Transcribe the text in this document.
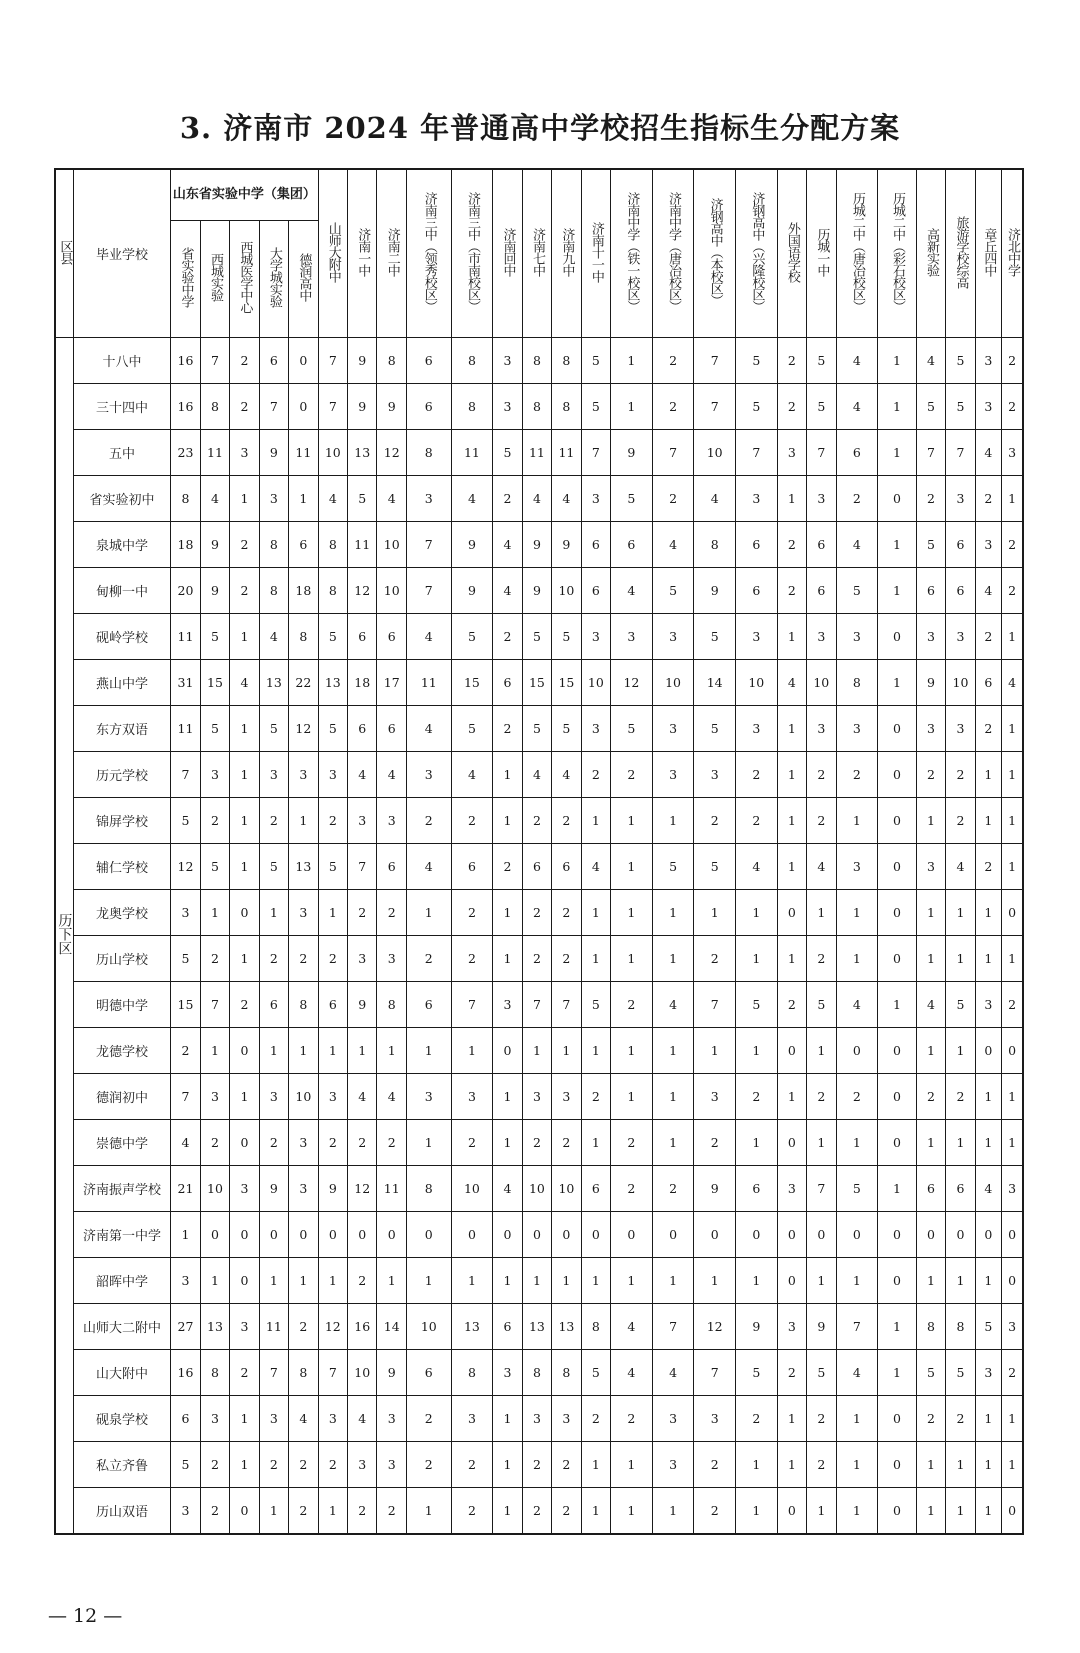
3. 济南市 2024 年普通高中学校招生指标生分配方案
区县	毕业学校	山东省实验中学（集团）					山师大附中	济南一中	济南二中	济南三中（领秀校区）	济南三中（市南校区）	济南回中	济南七中	济南九中	济南十一中	济南中学（铁一校区）	济南中学（唐冶校区）	济钢高中（本校区）	济钢高中（兴隆校区）	外国语学校	历城一中	历城二中（唐冶校区）	历城二中（彩石校区）	高新实验	旅游学校综高	章丘四中	济北中学
		省实验中学	西城实验	西城医学中心	大学城实验	德润高中																					
历下区	十八中	16	7	2	6	0	7	9	8	6	8	3	8	8	5	1	2	7	5	2	5	4	1	4	5	3	2
	三十四中	16	8	2	7	0	7	9	9	6	8	3	8	8	5	1	2	7	5	2	5	4	1	5	5	3	2
	五中	23	11	3	9	11	10	13	12	8	11	5	11	11	7	9	7	10	7	3	7	6	1	7	7	4	3
	省实验初中	8	4	1	3	1	4	5	4	3	4	2	4	4	3	5	2	4	3	1	3	2	0	2	3	2	1
	泉城中学	18	9	2	8	6	8	11	10	7	9	4	9	9	6	6	4	8	6	2	6	4	1	5	6	3	2
	甸柳一中	20	9	2	8	18	8	12	10	7	9	4	9	10	6	4	5	9	6	2	6	5	1	6	6	4	2
	砚岭学校	11	5	1	4	8	5	6	6	4	5	2	5	5	3	3	3	5	3	1	3	3	0	3	3	2	1
	燕山中学	31	15	4	13	22	13	18	17	11	15	6	15	15	10	12	10	14	10	4	10	8	1	9	10	6	4
	东方双语	11	5	1	5	12	5	6	6	4	5	2	5	5	3	5	3	5	3	1	3	3	0	3	3	2	1
	历元学校	7	3	1	3	3	3	4	4	3	4	1	4	4	2	2	3	3	2	1	2	2	0	2	2	1	1
	锦屏学校	5	2	1	2	1	2	3	3	2	2	1	2	2	1	1	1	2	2	1	2	1	0	1	2	1	1
	辅仁学校	12	5	1	5	13	5	7	6	4	6	2	6	6	4	1	5	5	4	1	4	3	0	3	4	2	1
	龙奥学校	3	1	0	1	3	1	2	2	1	2	1	2	2	1	1	1	1	1	0	1	1	0	1	1	1	0
	历山学校	5	2	1	2	2	2	3	3	2	2	1	2	2	1	1	1	2	1	1	2	1	0	1	1	1	1
	明德中学	15	7	2	6	8	6	9	8	6	7	3	7	7	5	2	4	7	5	2	5	4	1	4	5	3	2
	龙德学校	2	1	0	1	1	1	1	1	1	1	0	1	1	1	1	1	1	1	0	1	0	0	1	1	0	0
	德润初中	7	3	1	3	10	3	4	4	3	3	1	3	3	2	1	1	3	2	1	2	2	0	2	2	1	1
	崇德中学	4	2	0	2	3	2	2	2	1	2	1	2	2	1	2	1	2	1	0	1	1	0	1	1	1	1
	济南振声学校	21	10	3	9	3	9	12	11	8	10	4	10	10	6	2	2	9	6	3	7	5	1	6	6	4	3
	济南第一中学	1	0	0	0	0	0	0	0	0	0	0	0	0	0	0	0	0	0	0	0	0	0	0	0	0	0
	韶晖中学	3	1	0	1	1	1	2	1	1	1	1	1	1	1	1	1	1	1	0	1	1	0	1	1	1	0
	山师大二附中	27	13	3	11	2	12	16	14	10	13	6	13	13	8	4	7	12	9	3	9	7	1	8	8	5	3
	山大附中	16	8	2	7	8	7	10	9	6	8	3	8	8	5	4	4	7	5	2	5	4	1	5	5	3	2
	砚泉学校	6	3	1	3	4	3	4	3	2	3	1	3	3	2	2	3	3	2	1	2	1	0	2	2	1	1
	私立齐鲁	5	2	1	2	2	2	3	3	2	2	1	2	2	1	1	3	2	1	1	2	1	0	1	1	1	1
	历山双语	3	2	0	1	2	1	2	2	1	2	1	2	2	1	1	1	2	1	0	1	1	0	1	1	1	0
— 12 —
